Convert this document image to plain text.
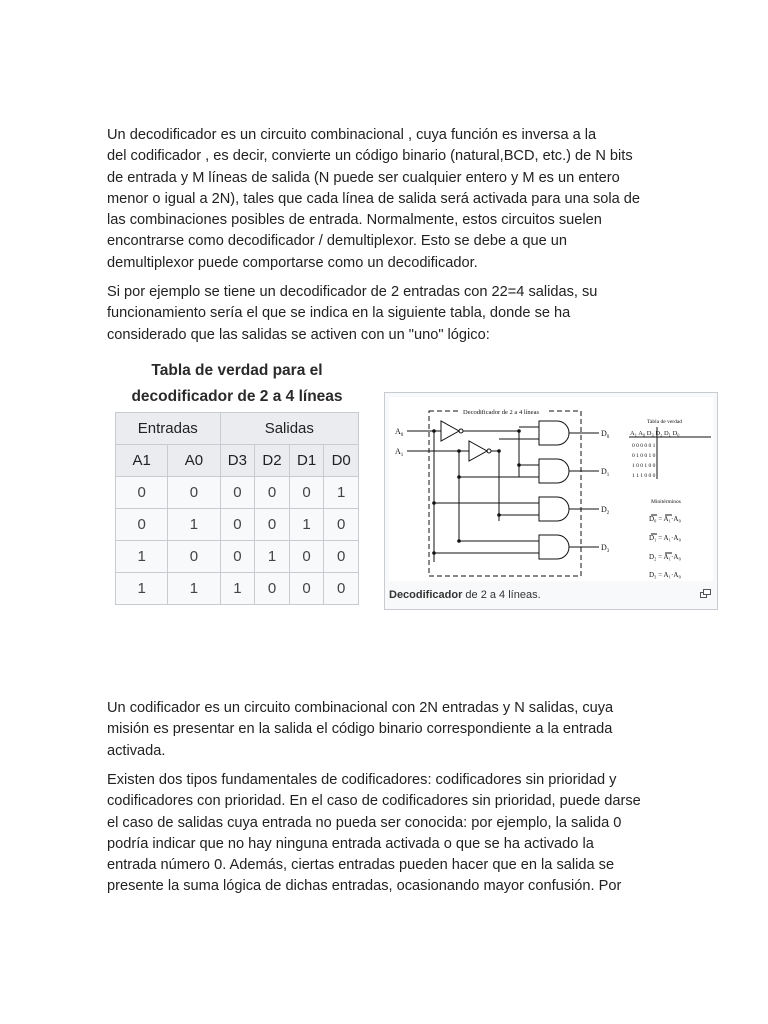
Un decodificador es un circuito combinacional , cuya función es inversa a la
del codificador , es decir, convierte un código binario (natural,BCD, etc.) de N bits
de entrada y M líneas de salida (N puede ser cualquier entero y M es un entero
menor o igual a 2N), tales que cada línea de salida será activada para una sola de
las combinaciones posibles de entrada. Normalmente, estos circuitos suelen
encontrarse como decodificador / demultiplexor. Esto se debe a que un
demultiplexor puede comportarse como un decodificador.

Si por ejemplo se tiene un decodificador de 2 entradas con 22=4 salidas, su
funcionamiento sería el que se indica en la siguiente tabla, donde se ha
considerado que las salidas se activen con un "uno" lógico:

Tabla de verdad para el
decodificador de 2 a 4 líneas
Entradas		Salidas			
A1	A0	D3	D2	D1	D0
0	0	0	0	0	1
0	1	0	0	1	0
1	0	0	1	0	0
1	1	1	0	0	0
Decodificador de 2 a 4 líneas
$A_0$
$A_1$
$D_0$
$D_1$
$D_2$
$D_3$
Tabla de verdad
A₁ A₀ D₃ D₂ D₁ D₀
0 0 0 0 0 1
0 1 0 0 1 0
1 0 0 1 0 0
1 1 1 0 0 0
Minitérminos
D₀ = A₁·A₀
D₁ = A₁·A₀
D₂ = A₁·A₀
D₃ = A₁·A₀
Decodificador de 2 a 4 líneas.

Un codificador es un circuito combinacional con 2N entradas y N salidas, cuya
misión es presentar en la salida el código binario correspondiente a la entrada
activada.

Existen dos tipos fundamentales de codificadores: codificadores sin prioridad y
codificadores con prioridad. En el caso de codificadores sin prioridad, puede darse
el caso de salidas cuya entrada no pueda ser conocida: por ejemplo, la salida 0
podría indicar que no hay ninguna entrada activada o que se ha activado la
entrada número 0. Además, ciertas entradas pueden hacer que en la salida se
presente la suma lógica de dichas entradas, ocasionando mayor confusión. Por
